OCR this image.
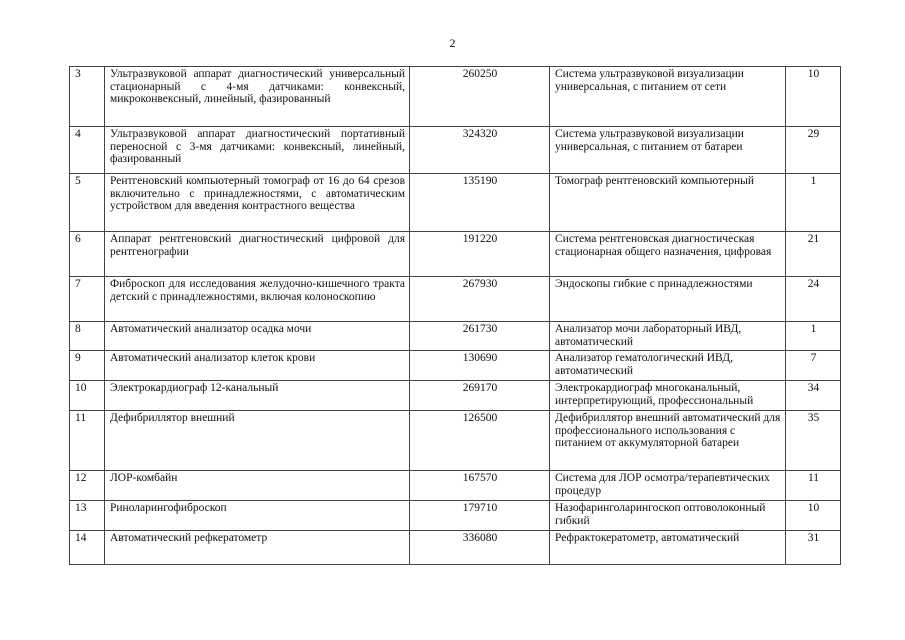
2
3	Ультразвуковой аппарат диагностический универсальный стационарный с 4-мя датчиками: конвексный, микроконвексный, линейный, фазированный	260250	Система ультразвуковой визуализации универсальная, с питанием от сети	10
4	Ультразвуковой аппарат диагностический портативный переносной с 3-мя датчиками: конвексный, линейный, фазированный	324320	Система ультразвуковой визуализации универсальная, с питанием от батареи	29
5	Рентгеновский компьютерный томограф от 16 до 64 срезов включительно с принадлежностями, с автоматическим устройством для введения контрастного вещества	135190	Томограф рентгеновский компьютерный	1
6	Аппарат рентгеновский диагностический цифровой для рентгенографии	191220	Система рентгеновская диагностическая стационарная общего назначения, цифровая	21
7	Фиброскоп для исследования желудочно-кишечного тракта детский с принадлежностями, включая колоноскопию	267930	Эндоскопы гибкие с принадлежностями	24
8	Автоматический анализатор осадка мочи	261730	Анализатор мочи лабораторный ИВД, автоматический	1
9	Автоматический анализатор клеток крови	130690	Анализатор гематологический ИВД, автоматический	7
10	Электрокардиограф 12-канальный	269170	Электрокардиограф многоканальный, интерпретирующий, профессиональный	34
11	Дефибриллятор внешний	126500	Дефибриллятор внешний автоматический для профессионального использования с питанием от аккумуляторной батареи	35
12	ЛОР-комбайн	167570	Система для ЛОР осмотра/терапевтических процедур	11
13	Риноларингофиброскоп	179710	Назофаринголарингоскоп оптоволоконный гибкий	10
14	Автоматический рефкератометр	336080	Рефрактокератометр, автоматический	31
